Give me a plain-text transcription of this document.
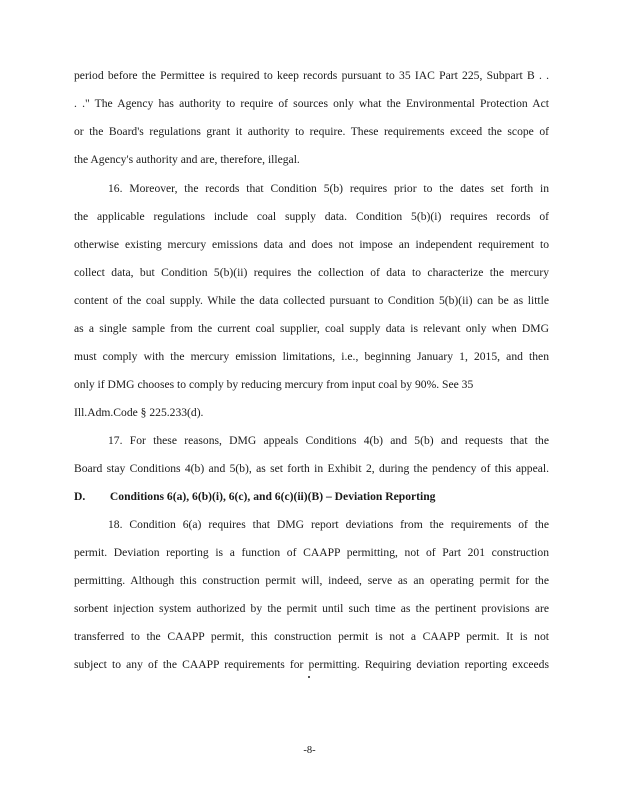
period before the Permittee is required to keep records pursuant to 35 IAC Part 225, Subpart B . .
. ." The Agency has authority to require of sources only what the Environmental Protection Act
or the Board's regulations grant it authority to require. These requirements exceed the scope of
the Agency's authority and are, therefore, illegal.
16. Moreover, the records that Condition 5(b) requires prior to the dates set forth in
the applicable regulations include coal supply data. Condition 5(b)(i) requires records of
otherwise existing mercury emissions data and does not impose an independent requirement to
collect data, but Condition 5(b)(ii) requires the collection of data to characterize the mercury
content of the coal supply. While the data collected pursuant to Condition 5(b)(ii) can be as little
as a single sample from the current coal supplier, coal supply data is relevant only when DMG
must comply with the mercury emission limitations, i.e., beginning January 1, 2015, and then
only if DMG chooses to comply by reducing mercury from input coal by 90%. See 35
Ill.Adm.Code § 225.233(d).
17. For these reasons, DMG appeals Conditions 4(b) and 5(b) and requests that the
Board stay Conditions 4(b) and 5(b), as set forth in Exhibit 2, during the pendency of this appeal.
D. Conditions 6(a), 6(b)(i), 6(c), and 6(c)(ii)(B) – Deviation Reporting
18. Condition 6(a) requires that DMG report deviations from the requirements of the
permit. Deviation reporting is a function of CAAPP permitting, not of Part 201 construction
permitting. Although this construction permit will, indeed, serve as an operating permit for the
sorbent injection system authorized by the permit until such time as the pertinent provisions are
transferred to the CAAPP permit, this construction permit is not a CAAPP permit. It is not
subject to any of the CAAPP requirements for permitting. Requiring deviation reporting exceeds
-8-
